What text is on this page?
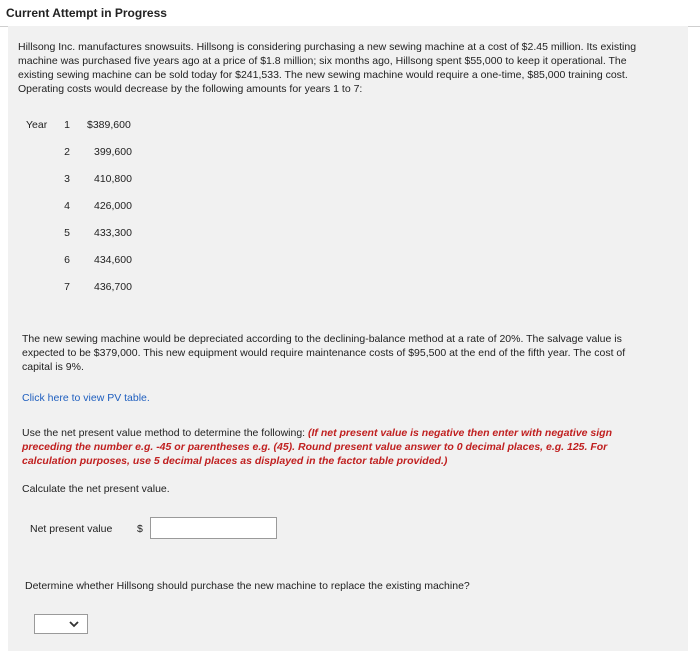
Current Attempt in Progress
Hillsong Inc. manufactures snowsuits. Hillsong is considering purchasing a new sewing machine at a cost of $2.45 million. Its existing machine was purchased five years ago at a price of $1.8 million; six months ago, Hillsong spent $55,000 to keep it operational. The existing sewing machine can be sold today for $241,533. The new sewing machine would require a one-time, $85,000 training cost. Operating costs would decrease by the following amounts for years 1 to 7:
Year	1 $389,600
2 399,600
3 410,800
4 426,000
5 433,300
6 434,600
7 436,700
The new sewing machine would be depreciated according to the declining-balance method at a rate of 20%. The salvage value is expected to be $379,000. This new equipment would require maintenance costs of $95,500 at the end of the fifth year. The cost of capital is 9%.
Click here to view PV table.
Use the net present value method to determine the following: (If net present value is negative then enter with negative sign preceding the number e.g. -45 or parentheses e.g. (45). Round present value answer to 0 decimal places, e.g. 125. For calculation purposes, use 5 decimal places as displayed in the factor table provided.)
Calculate the net present value.
Net present value $
Determine whether Hillsong should purchase the new machine to replace the existing machine?
